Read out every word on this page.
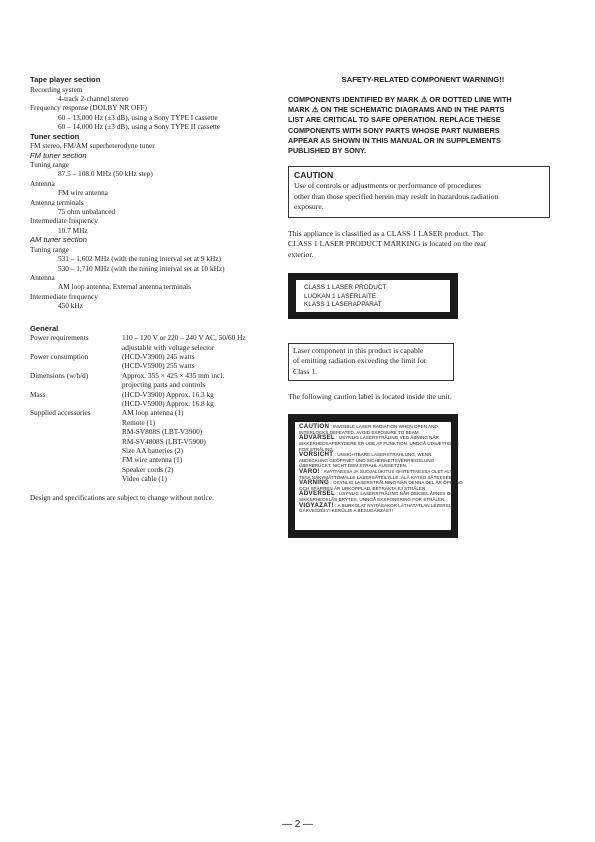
Tape player section
Recording system
4-track 2-channel stereo
Frequency response (DOLBY NR OFF)
60 – 13,000 Hz (±3 dB), using a Sony TYPE I cassette
60 – 14,000 Hz (±3 dB), using a Sony TYPE II cassette
Tuner section
FM stereo, FM/AM superheterodyne tuner
FM tuner section
Tuning range
87.5 – 108.0 MHz (50 kHz step)
Antenna
FM wire antenna
Antenna terminals
75 ohm unbalanced
Intermediate frequency
10.7 MHz
AM tuner section
Tuning range
531 – 1,602 MHz (with the tuning interval set at 9 kHz)
530 – 1,710 MHz (with the tuning interval set at 10 kHz)
Antenna
AM loop antenna, External antenna terminals
Intermediate frequency
450 kHz
General
Power requirements	110 – 120 V or 220 – 240 V AC, 50/60 Hz
adjustable with voltage selector
Power consumption	(HCD-V3900) 245 watts
(HCD-V5900) 255 watts
Dimensions (w/h/d)	Approx. 355 × 425 × 435 mm incl.
projecting parts and controls
Mass	(HCD-V3900) Approx. 16.3 kg
(HCD-V5900) Approx. 16.8 kg
Supplied accessories	AM loop antenna (1)
Remote (1)
RM-SV808S (LBT-V3900)
RM-SV4808S (LBT-V5900)
Size AA batteries (2)
FM wire antenna (1)
Speaker cords (2)
Video cable (1)
Design and specifications are subject to change without notice.
SAFETY-RELATED COMPONENT WARNING!!
COMPONENTS IDENTIFIED BY MARK ⚠ OR DOTTED LINE WITH
MARK ⚠ ON THE SCHEMATIC DIAGRAMS AND IN THE PARTS
LIST ARE CRITICAL TO SAFE OPERATION. REPLACE THESE
COMPONENTS WITH SONY PARTS WHOSE PART NUMBERS
APPEAR AS SHOWN IN THIS MANUAL OR IN SUPPLEMENTS
PUBLISHED BY SONY.
CAUTION
Use of controls or adjustments or performance of procedures
other than those specified herein may result in hazardous radiation
exposure.
This appliance is classified as a CLASS 1 LASER product. The
CLASS 1 LASER PRODUCT MARKING is located on the rear
exterior.
CLASS 1 LASER PRODUCT
LUOKAN 1 LASERLAITE
KLASS 1 LASERAPPARAT
Laser component in this product is capable
of emitting radiation exceeding the limit for
Class 1.
The following caution label is located inside the unit.
CAUTION : INVISIBLE LASER RADIATION WHEN OPEN AND
INTERLOCKS DEFEATED. AVOID EXPOSURE TO BEAM.
ADVARSEL : USYNLIG LASERSTRÅLING VED ÅBNING NÅR
SIKKERHEDSAFBRYDERE ER UDE AF FUNKTION. UNDGÅ UDSÆTTELSE
FOR STRÅLING.
VORSICHT : UNSICHTBARE LASERSTRAHLUNG, WENN
ABDECKUNG GEÖFFNET UND SICHERHEITSVERRIEGELUNG
ÜBERBRÜCKT. NICHT DEM STRAHL AUSSETZEN.
VARO! : AVATTAESSA JA SUOJALUKITUS OHITETTAESSA OLET ALT-
TIINA NÄKYMÄTTÖMÄLLE LASERSÄTEILYLLE. ÄLÄ KATSO SÄTEESEEN.
VARNING : OSYNLIG LASERSTRÅLNING NÄR DENNA DEL ÄR ÖPPNAD
OCH SPÄRREN ÄR URKOPPLAD. BETRAKTA EJ STRÅLEN.
ADVERSEL : USYNLIG LASERSTRÅLING NÅR DEKSEL ÅPNES OG
SIKKERHEDSLÅS BRYTES. UNNGÅ EKSPONERING FOR STRÅLEN.
VIGYAZAT! : A BURKOLAT NYITÁSAKOR LÁTHATATLAN LÉZERSU-
GÁRVESZÉLY! KERÜLJE A BESUGÁRZÁST!
— 2 —
